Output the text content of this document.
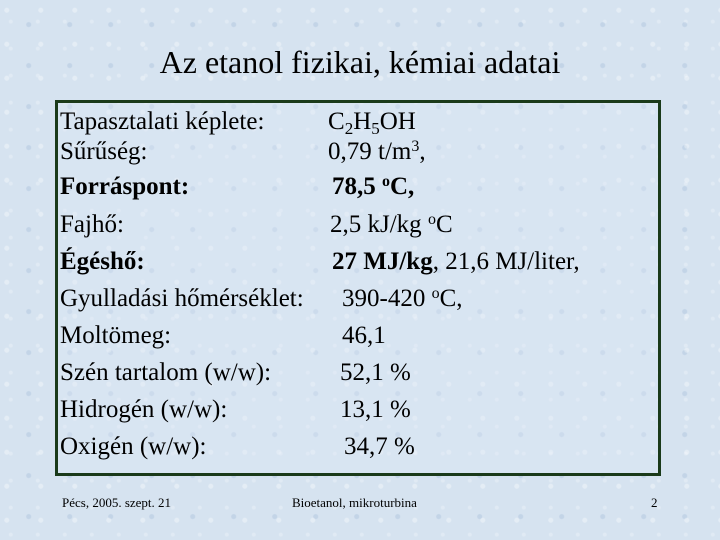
Az etanol fizikai, kémiai adatai
Tapasztalati képlete:	$C_2H_5OH$
Sűrűség:	0,79 $t/m^3$,
Forráspont:	78,5 $^o$C,
Fajhő:	2,5 kJ/kg $^o$C
Égéshő:	27 MJ/kg, 21,6 MJ/liter,
Gyulladási hőmérséklet: 390-420 $^o$C,
Moltömeg:	46,1
Szén tartalom (w/w):	52,1 %
Hidrogén (w/w):	13,1 %
Oxigén (w/w):	34,7 %
Pécs, 2005. szept. 21	Bioetanol, mikroturbina	2
